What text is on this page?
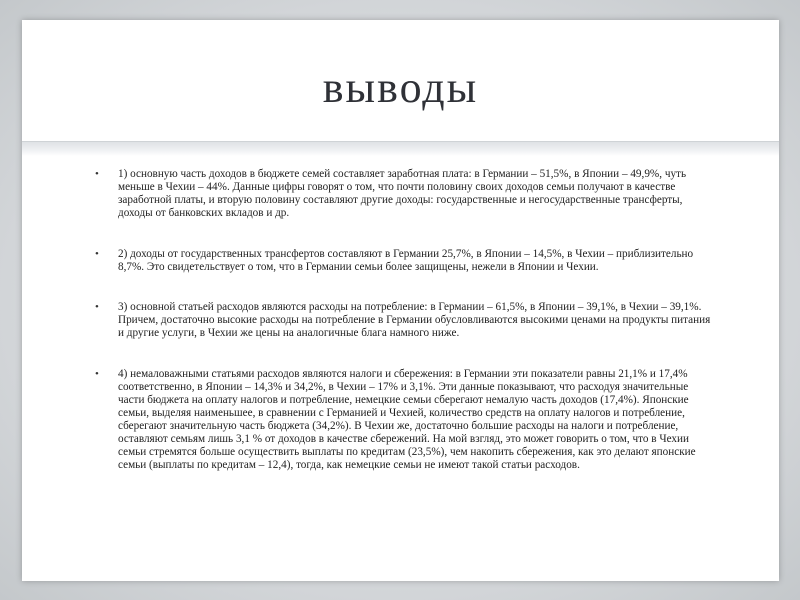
выводы
• 1) основную часть доходов в бюджете семей составляет заработная плата: в Германии – 51,5%, в Японии – 49,9%, чуть меньше в Чехии – 44%. Данные цифры говорят о том, что почти половину своих доходов семьи получают в качестве заработной платы, и вторую половину составляют другие доходы: государственные и негосударственные трансферты, доходы от банковских вкладов и др.
• 2) доходы от государственных трансфертов составляют в Германии 25,7%, в Японии – 14,5%, в Чехии – приблизительно 8,7%. Это свидетельствует о том, что в Германии семьи более защищены, нежели в Японии и Чехии.
• 3) основной статьей расходов являются расходы на потребление: в Германии – 61,5%, в Японии – 39,1%, в Чехии – 39,1%. Причем, достаточно высокие расходы на потребление в Германии обусловливаются высокими ценами на продукты питания и другие услуги, в Чехии же цены на аналогичные блага намного ниже.
• 4) немаловажными статьями расходов являются налоги и сбережения: в Германии эти показатели равны 21,1% и 17,4% соответственно, в Японии – 14,3% и 34,2%, в Чехии – 17% и 3,1%. Эти данные показывают, что расходуя значительные части бюджета на оплату налогов и потребление, немецкие семьи сберегают немалую часть доходов (17,4%). Японские семьи, выделяя наименьшее, в сравнении с Германией и Чехией, количество средств на оплату налогов и потребление, сберегают значительную часть бюджета (34,2%). В Чехии же, достаточно большие расходы на налоги и потребление, оставляют семьям лишь 3,1 % от доходов в качестве сбережений. На мой взгляд, это может говорить о том, что в Чехии семьи стремятся больше осуществить выплаты по кредитам (23,5%), чем накопить сбережения, как это делают японские семьи (выплаты по кредитам – 12,4), тогда, как немецкие семьи не имеют такой статьи расходов.
